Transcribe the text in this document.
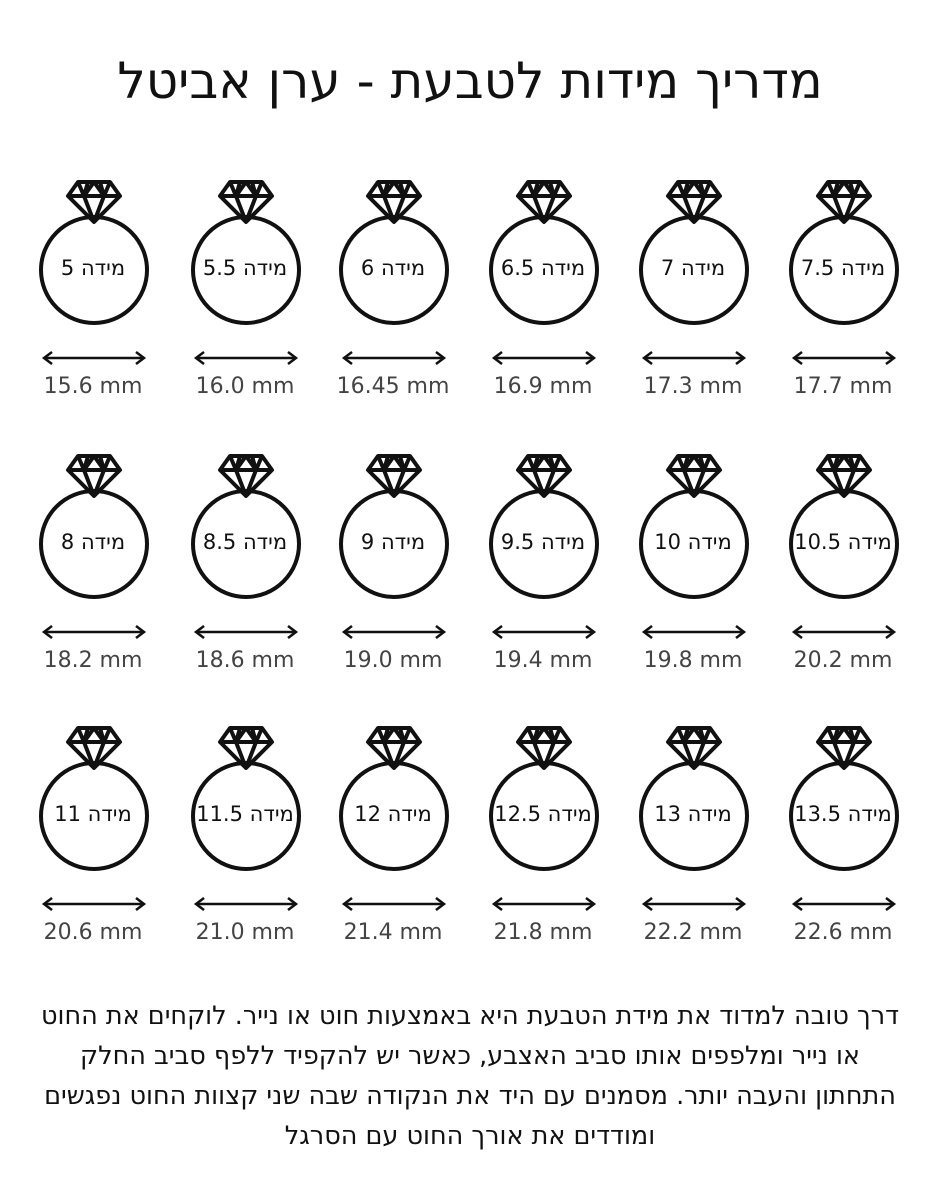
מדריך מידות לטבעת - ערן אביטל
מידה 5
15.6 mm
מידה 5.5
16.0 mm
מידה 6
16.45 mm
מידה 6.5
16.9 mm
מידה 7
17.3 mm
מידה 7.5
17.7 mm
מידה 8
18.2 mm
מידה 8.5
18.6 mm
מידה 9
19.0 mm
מידה 9.5
19.4 mm
מידה 10
19.8 mm
מידה 10.5
20.2 mm
מידה 11
20.6 mm
מידה 11.5
21.0 mm
מידה 12
21.4 mm
מידה 12.5
21.8 mm
מידה 13
22.2 mm
מידה 13.5
22.6 mm
דרך טובה למדוד את מידת הטבעת היא באמצעות חוט או נייר. לוקחים את החוט או נייר ומלפפים אותו סביב האצבע, כאשר יש להקפיד ללפף סביב החלק התחתון והעבה יותר. מסמנים עם היד את הנקודה שבה שני קצוות החוט נפגשים ומודדים את אורך החוט עם הסרגל
